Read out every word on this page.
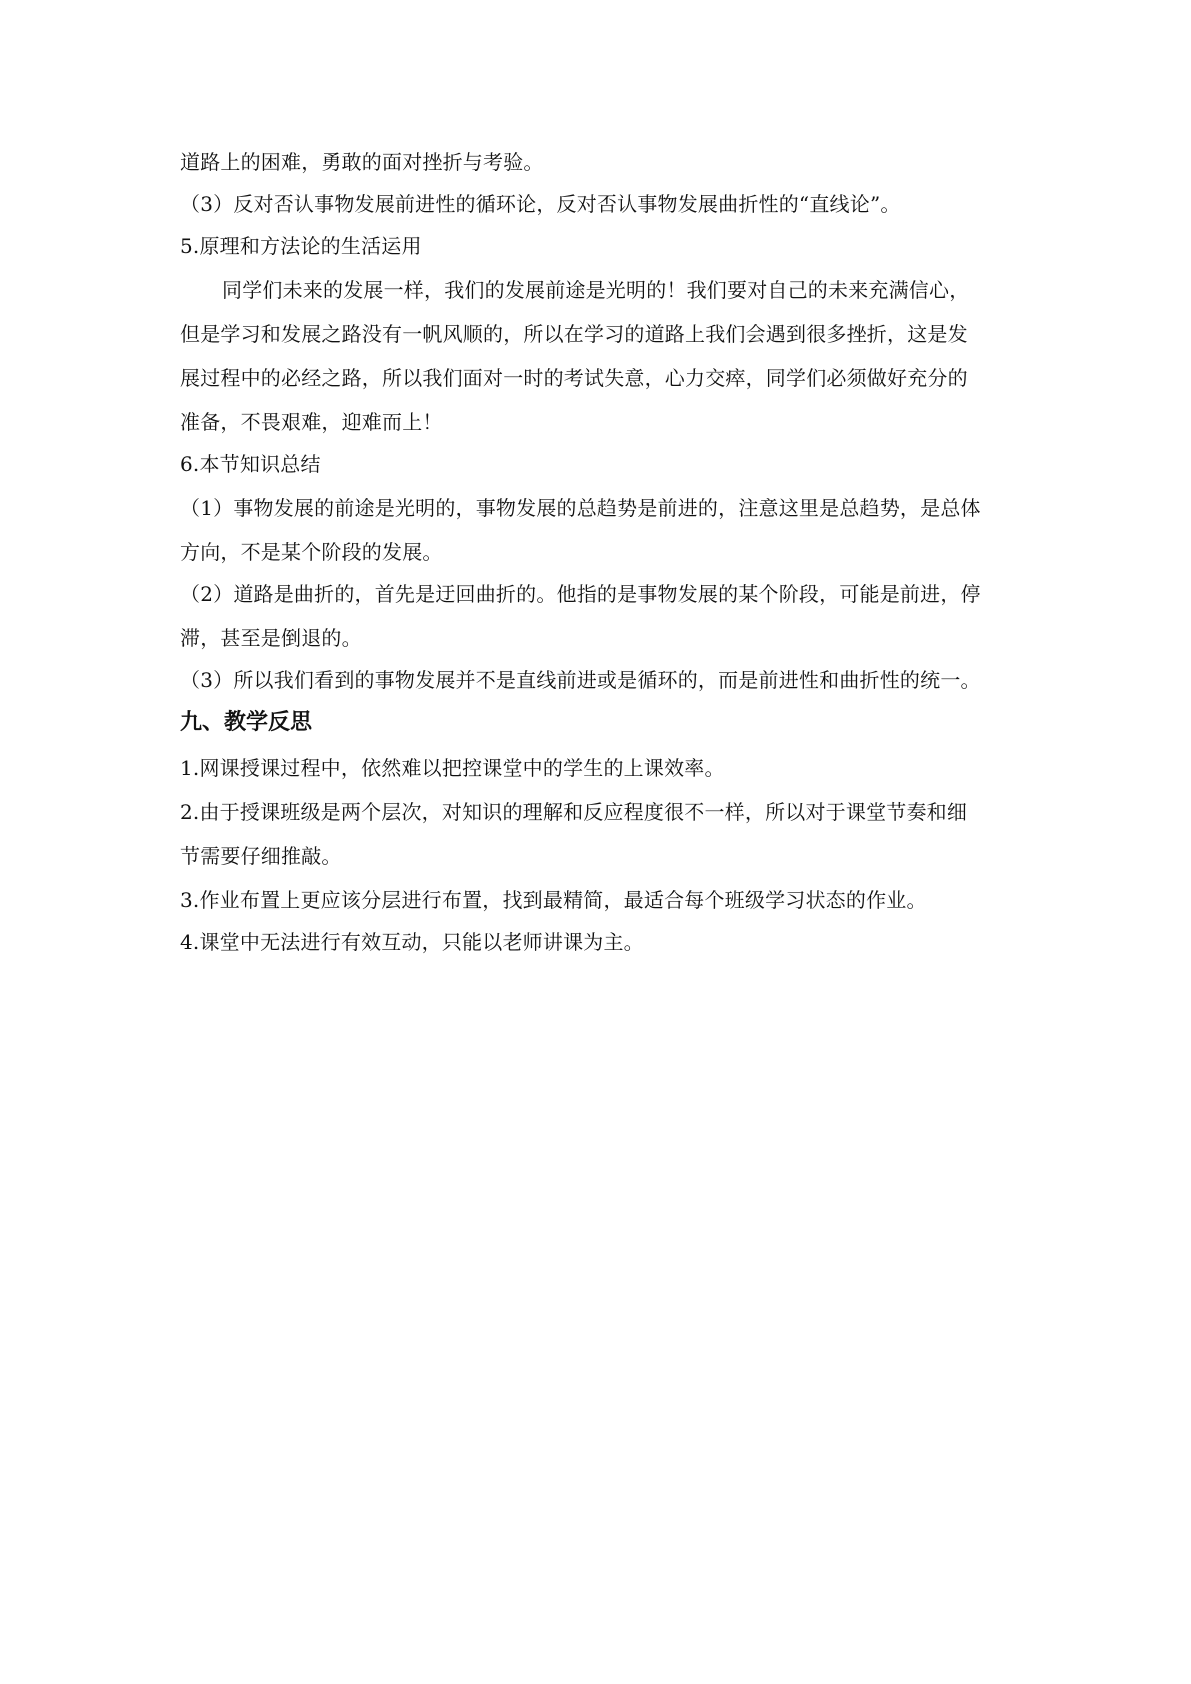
道路上的困难，勇敢的面对挫折与考验。
（3）反对否认事物发展前进性的循环论，反对否认事物发展曲折性的“直线论”。
5.原理和方法论的生活运用
同学们未来的发展一样，我们的发展前途是光明的！我们要对自己的未来充满信心，
但是学习和发展之路没有一帆风顺的，所以在学习的道路上我们会遇到很多挫折，这是发
展过程中的必经之路，所以我们面对一时的考试失意，心力交瘁，同学们必须做好充分的
准备，不畏艰难，迎难而上！
6.本节知识总结
（1）事物发展的前途是光明的，事物发展的总趋势是前进的，注意这里是总趋势，是总体
方向，不是某个阶段的发展。
（2）道路是曲折的，首先是迂回曲折的。他指的是事物发展的某个阶段，可能是前进，停
滞，甚至是倒退的。
（3）所以我们看到的事物发展并不是直线前进或是循环的，而是前进性和曲折性的统一。
九、教学反思
1.网课授课过程中，依然难以把控课堂中的学生的上课效率。
2.由于授课班级是两个层次，对知识的理解和反应程度很不一样，所以对于课堂节奏和细
节需要仔细推敲。
3.作业布置上更应该分层进行布置，找到最精简，最适合每个班级学习状态的作业。
4.课堂中无法进行有效互动，只能以老师讲课为主。
